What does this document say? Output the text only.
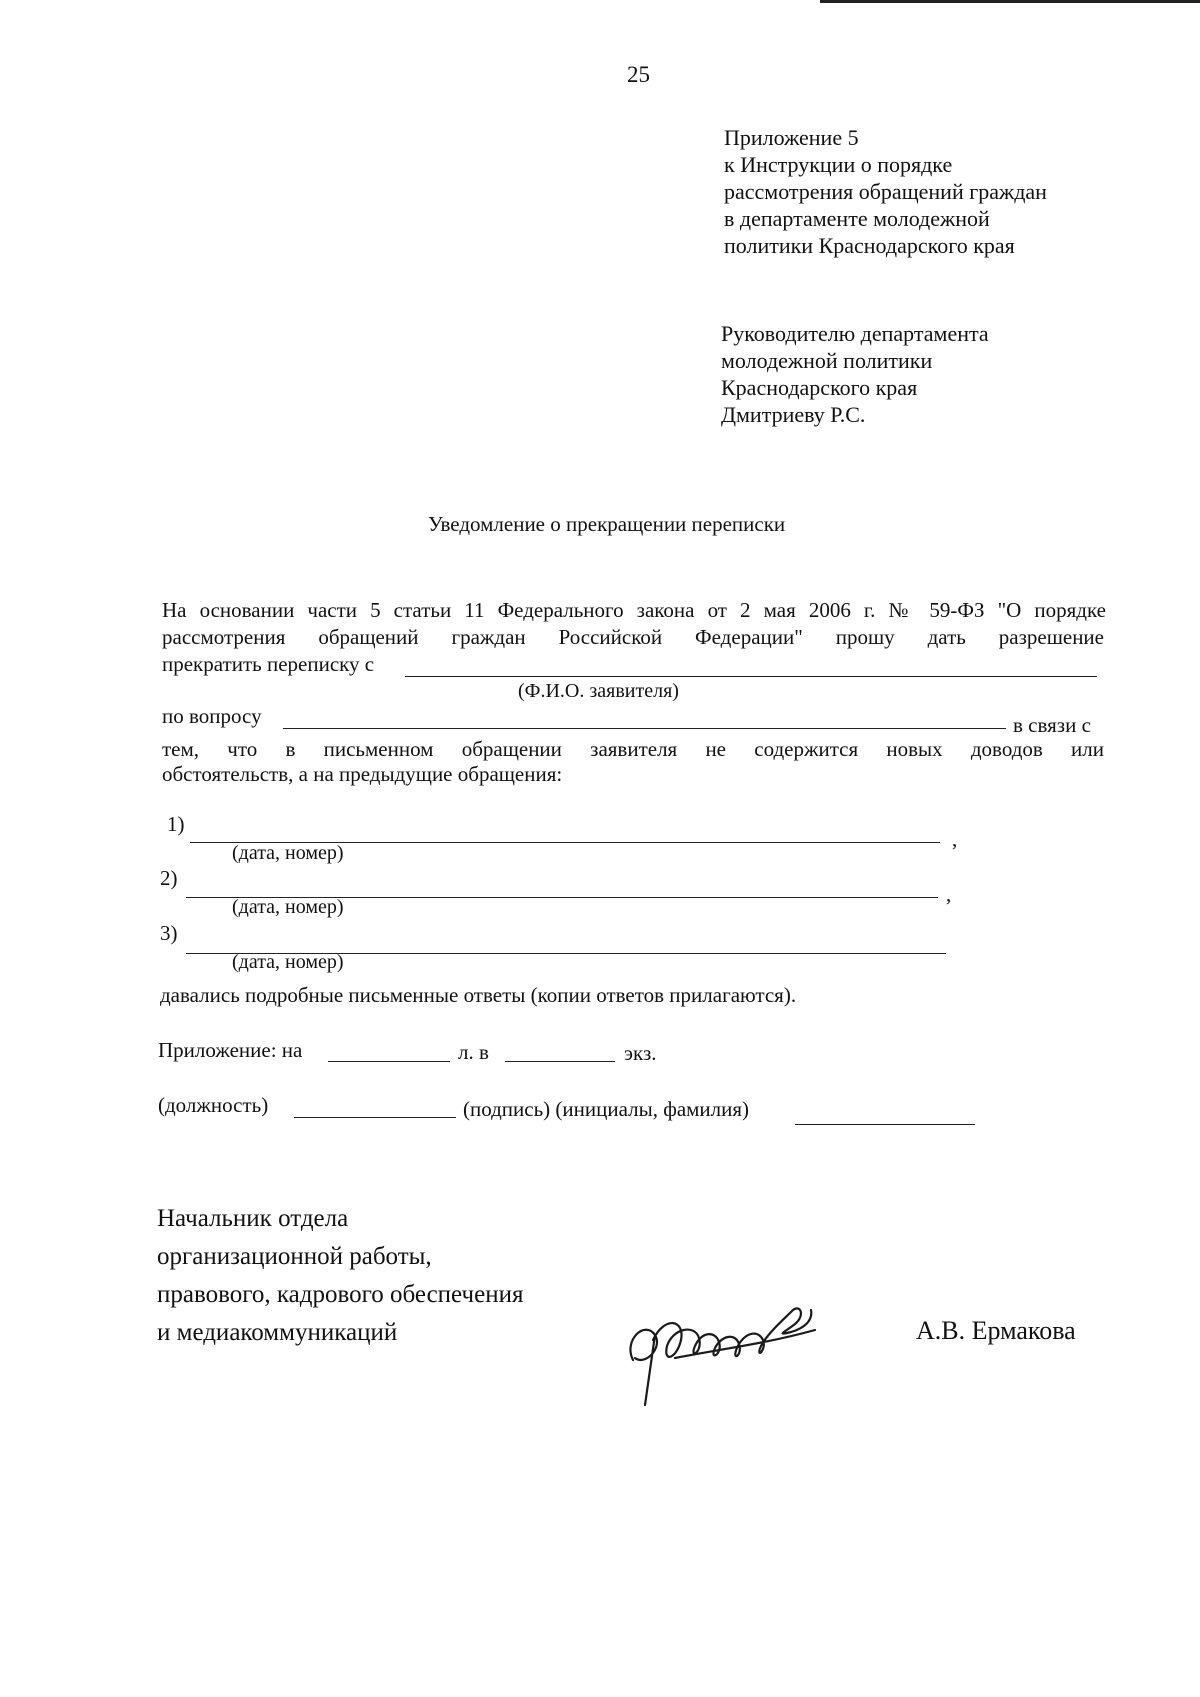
25
Приложение 5
к Инструкции о порядке
рассмотрения обращений граждан
в департаменте молодежной
политики Краснодарского края
Руководителю департамента
молодежной политики
Краснодарского края
Дмитриеву Р.С.
Уведомление о прекращении переписки
На основании части 5 статьи 11 Федерального закона от 2 мая 2006 г. № 59-ФЗ "О порядке
рассмотрения обращений граждан Российской Федерации" прошу дать разрешение
прекратить переписку с
(Ф.И.О. заявителя)
по вопросу	в связи с
тем, что в письменном обращении заявителя не содержится новых доводов или
обстоятельств, а на предыдущие обращения:
1)
,
(дата, номер)
2)
,
(дата, номер)
3)
(дата, номер)
давались подробные письменные ответы (копии ответов прилагаются).
Приложение: на	л. в	экз.
(должность)	(подпись) (инициалы, фамилия)
Начальник отдела
организационной работы,
правового, кадрового обеспечения
и медиакоммуникаций	А.В. Ермакова
